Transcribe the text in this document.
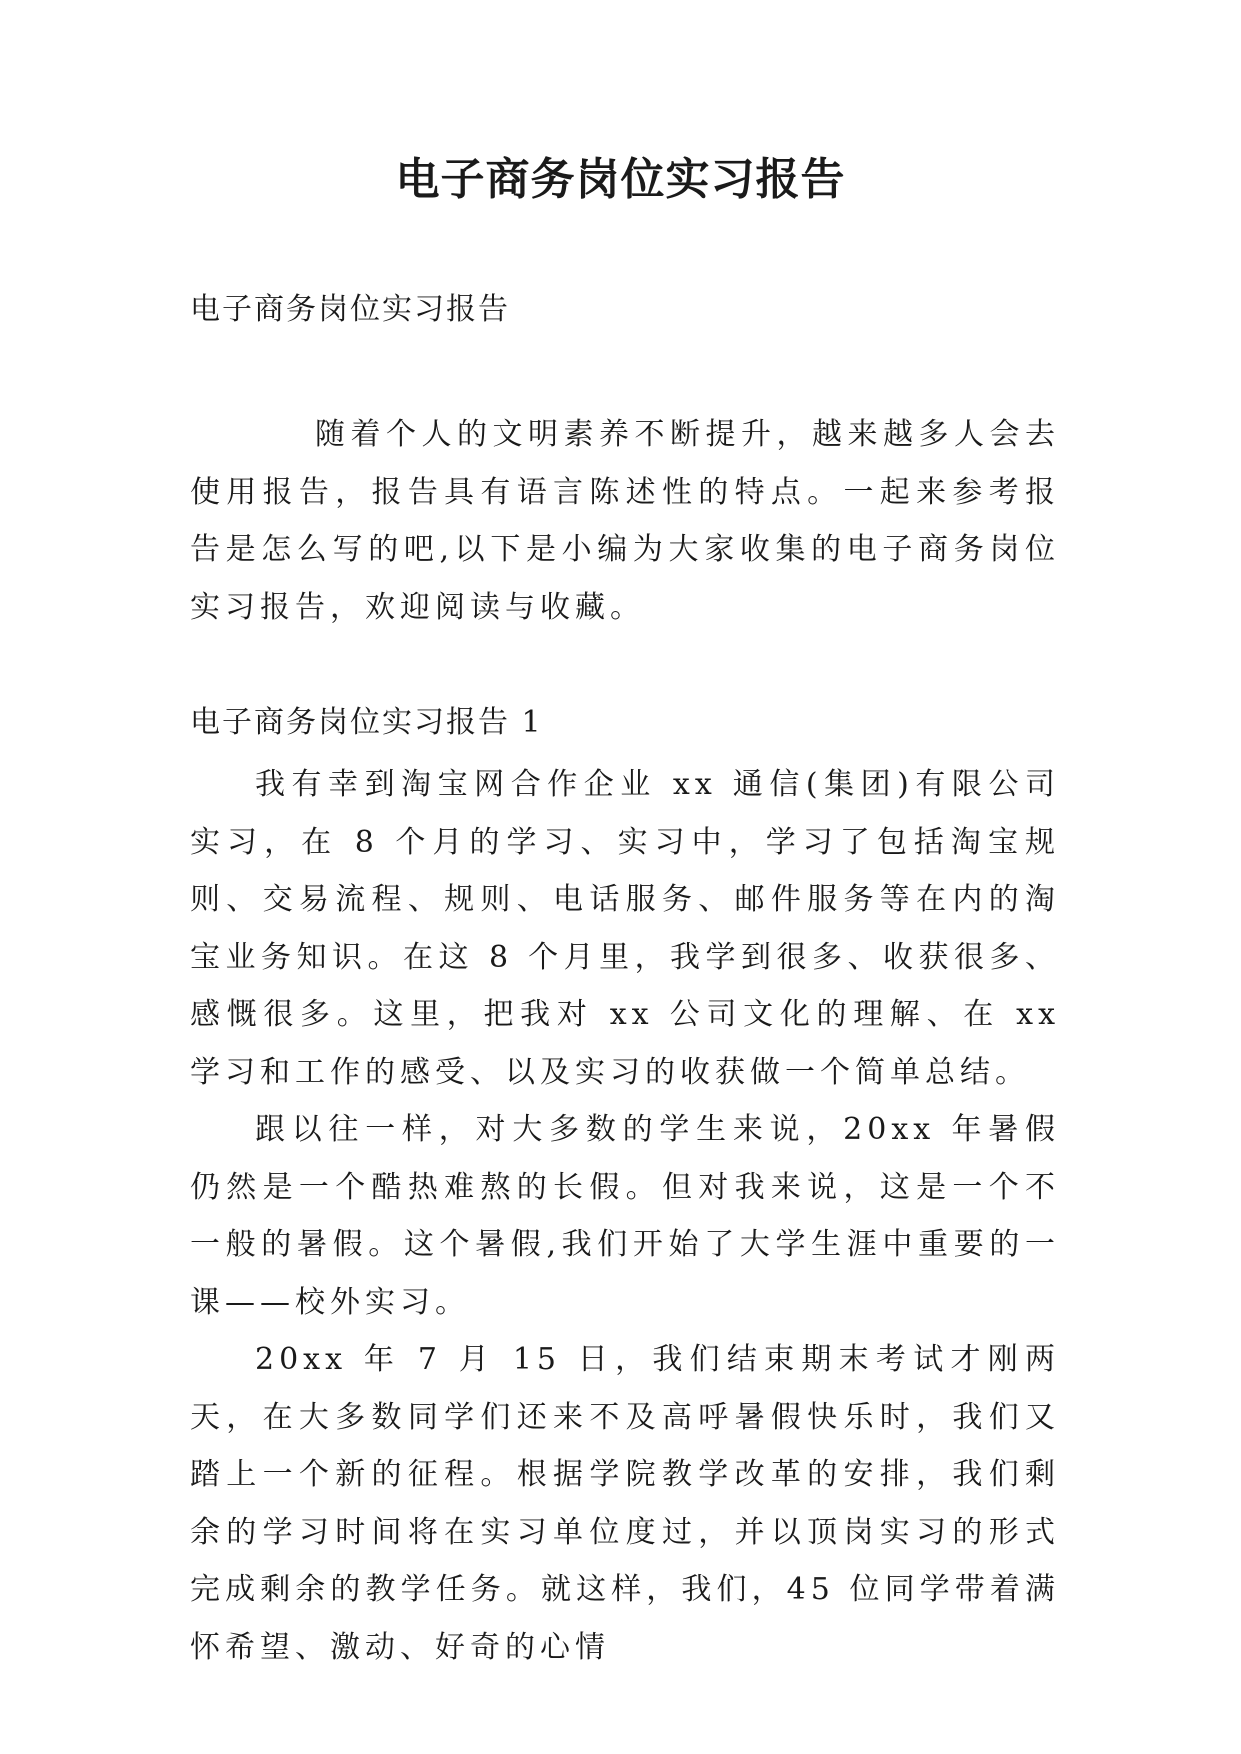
电子商务岗位实习报告
电子商务岗位实习报告

随着个人的文明素养不断提升，越来越多人会去使用报告，报告具有语言陈述性的特点。一起来参考报告是怎么写的吧,以下是小编为大家收集的电子商务岗位实习报告，欢迎阅读与收藏。

电子商务岗位实习报告 1

我有幸到淘宝网合作企业 xx 通信(集团)有限公司实习，在 8 个月的学习、实习中，学习了包括淘宝规则、交易流程、规则、电话服务、邮件服务等在内的淘宝业务知识。在这 8 个月里，我学到很多、收获很多、感慨很多。这里，把我对 xx 公司文化的理解、在 xx 学习和工作的感受、以及实习的收获做一个简单总结。

跟以往一样，对大多数的学生来说，20xx 年暑假仍然是一个酷热难熬的长假。但对我来说，这是一个不一般的暑假。这个暑假,我们开始了大学生涯中重要的一课——校外实习。

20xx 年 7 月 15 日，我们结束期末考试才刚两天，在大多数同学们还来不及高呼暑假快乐时，我们又踏上一个新的征程。根据学院教学改革的安排，我们剩余的学习时间将在实习单位度过，并以顶岗实习的形式完成剩余的教学任务。就这样，我们，45 位同学带着满怀希望、激动、好奇的心情
